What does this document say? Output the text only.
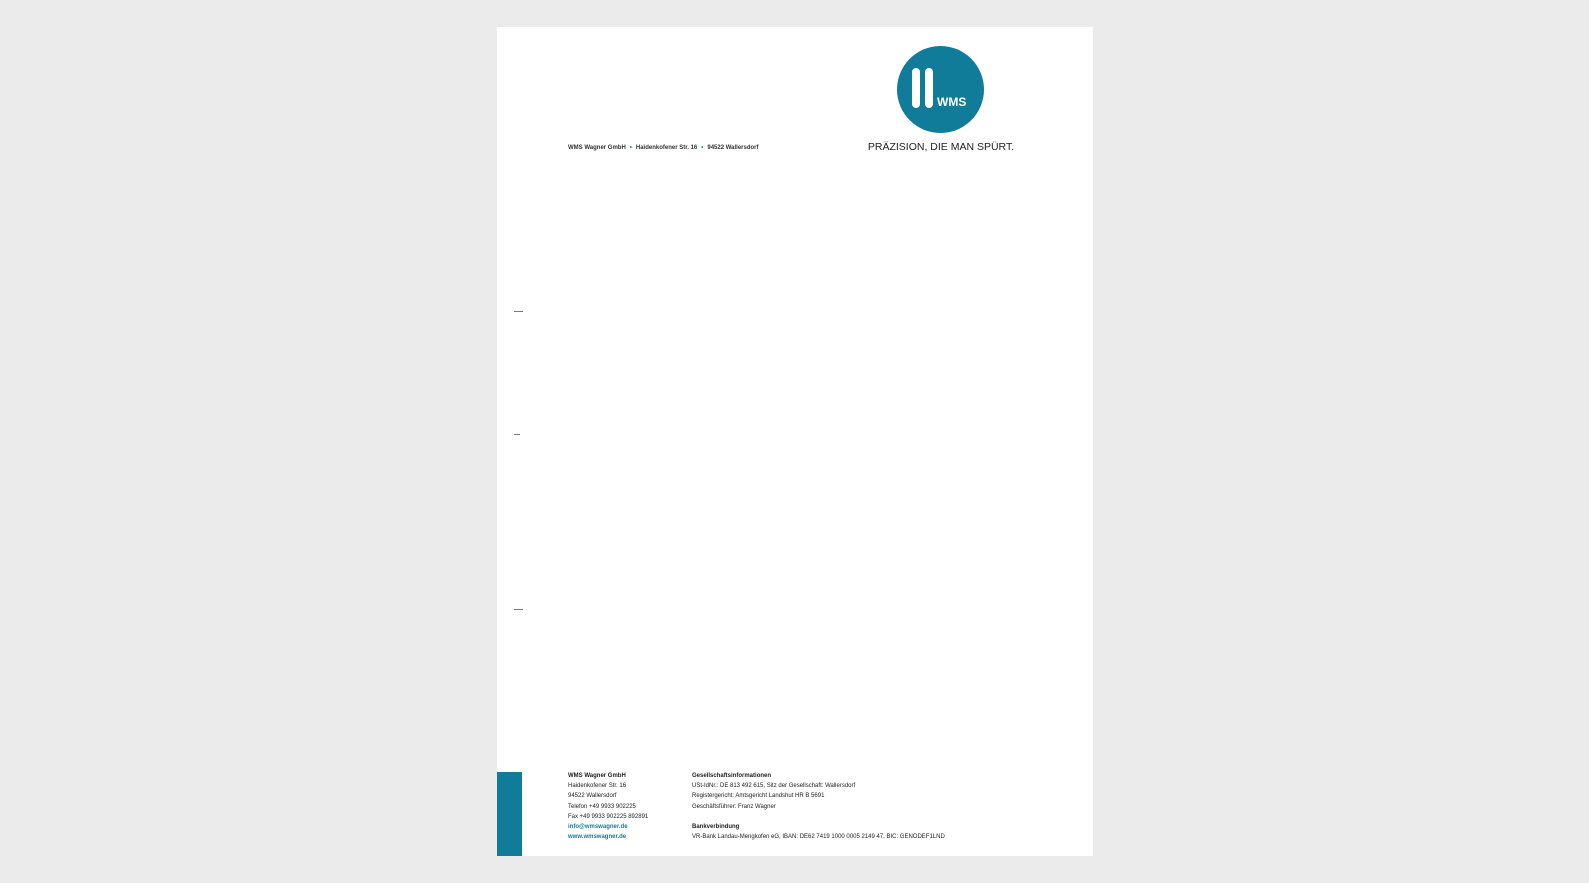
WMS
PRÄZISION, DIE MAN SPÜRT.
WMS Wagner GmbH • Haidenkofener Str. 16 • 94522 Wallersdorf
WMS Wagner GmbH
Haidenkofener Str. 16
94522 Wallersdorf
Telefon +49 9933 902225
Fax +49 9933 902225 892891
info@wmswagner.de
www.wmswagner.de
Gesellschaftsinformationen
USt-IdNr.: DE 813 492 615, Sitz der Gesellschaft: Wallersdorf
Registergericht: Amtsgericht Landshut HR B 5691
Geschäftsführer: Franz Wagner
Bankverbindung
VR-Bank Landau-Mengkofen eG, IBAN: DE62 7419 1000 0005 2149 47, BIC: GENODEF1LND
